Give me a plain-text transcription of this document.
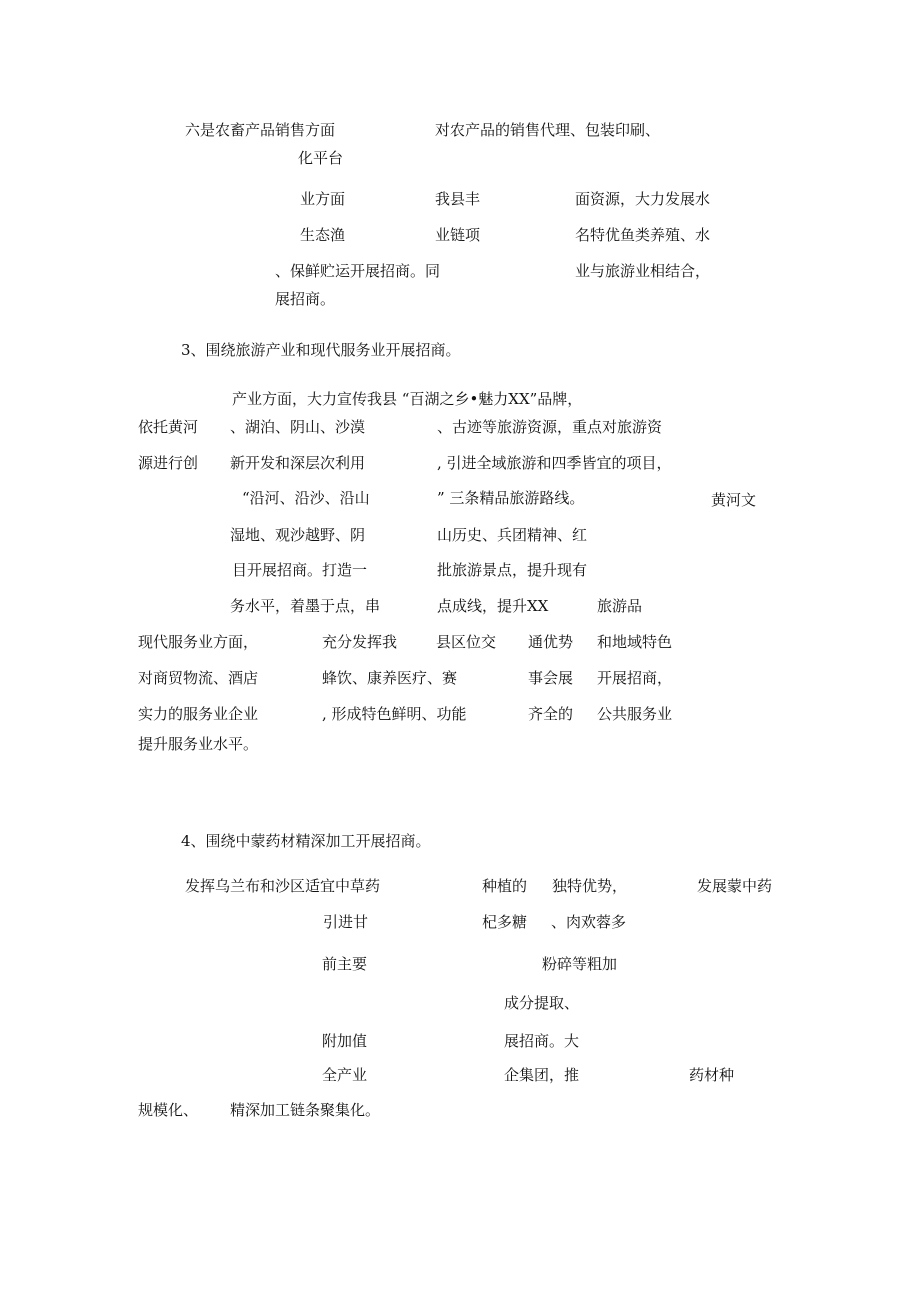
六是农畜产品销售方面	对农产品的销售代理、包装印刷、
化平台
业方面	我县丰	面资源，大力发展水
生态渔	业链项	名特优鱼类养殖、水
、保鲜贮运开展招商。同	业与旅游业相结合，
展招商。
3、围绕旅游产业和现代服务业开展招商。
产业方面，大力宣传我县 “百湖之乡•魅力XX”品牌，
依托黄河 、湖泊、阴山、沙漠	、古迹等旅游资源，重点对旅游资
源进行创 新开发和深层次利用	, 引进全域旅游和四季皆宜的项目，
“沿河、沿沙、沿山	” 三条精品旅游路线。	黄河文
湿地、观沙越野、阴	山历史、兵团精神、红
目开展招商。打造一	批旅游景点，提升现有
务水平，着墨于点，串	点成线，提升XX	旅游品
现代服务业方面，	充分发挥我	县区位交 通优势 和地域特色
对商贸物流、酒店	蜂饮、康养医疗、赛	事会展 开展招商，
实力的服务业企业	, 形成特色鲜明、功能	齐全的 公共服务业
提升服务业水平。
4、围绕中蒙药材精深加工开展招商。
发挥乌兰布和沙区适宜中草药	种植的 独特优势，	发展蒙中药
引进甘	杞多糖 、肉欢蓉多
前主要	粉碎等粗加
成分提取、
附加值	展招商。大
全产业	企集团，推	药材种
规模化、 精深加工链条聚集化。
